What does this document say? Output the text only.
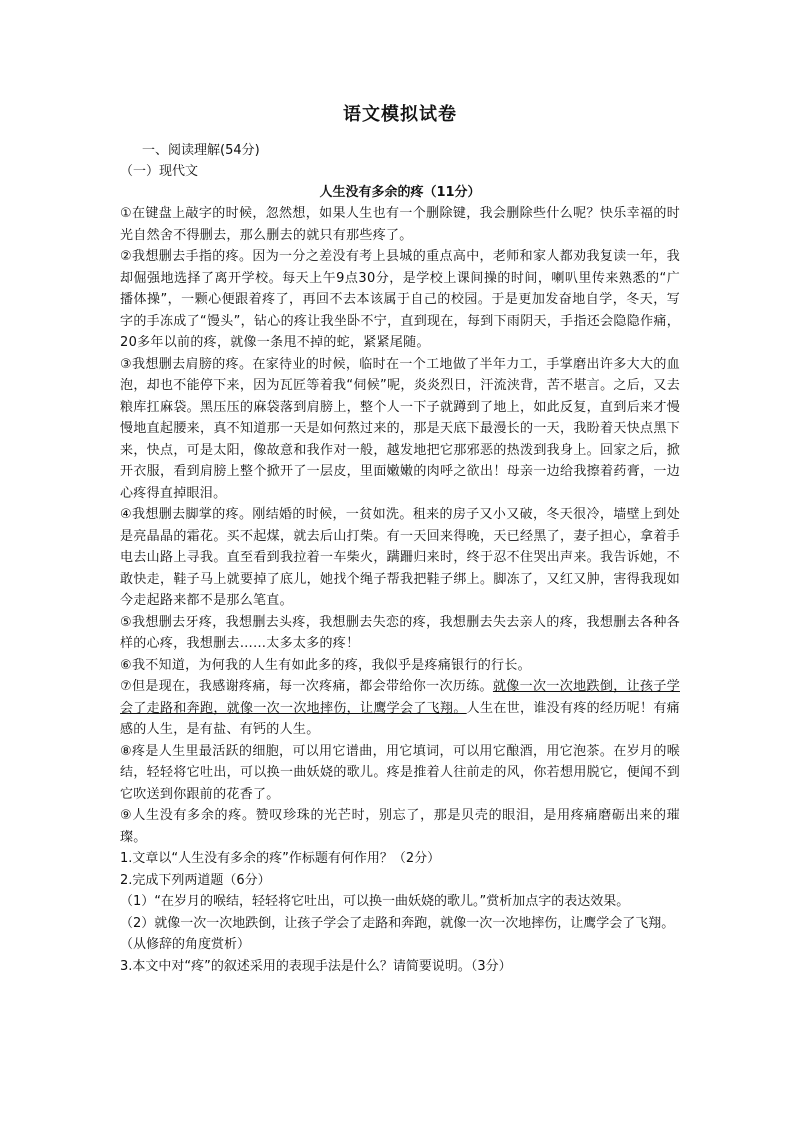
语文模拟试卷

一、阅读理解(54分)

（一）现代文

人生没有多余的疼（11分）

①在键盘上敲字的时候，忽然想，如果人生也有一个删除键，我会删除些什么呢？快乐幸福的时光自然舍不得删去，那么删去的就只有那些疼了。

②我想删去手指的疼。因为一分之差没有考上县城的重点高中，老师和家人都劝我复读一年，我却倔强地选择了离开学校。每天上午9点30分，是学校上课间操的时间，喇叭里传来熟悉的“广播体操”，一颗心便跟着疼了，再回不去本该属于自己的校园。于是更加发奋地自学，冬天，写字的手冻成了“馒头”，钻心的疼让我坐卧不宁，直到现在，每到下雨阴天，手指还会隐隐作痛，20多年以前的疼，就像一条甩不掉的蛇，紧紧尾随。

③我想删去肩膀的疼。在家待业的时候，临时在一个工地做了半年力工，手掌磨出许多大大的血泡，却也不能停下来，因为瓦匠等着我“伺候”呢，炎炎烈日，汗流浃背，苦不堪言。之后，又去粮库扛麻袋。黑压压的麻袋落到肩膀上，整个人一下子就蹲到了地上，如此反复，直到后来才慢慢地直起腰来，真不知道那一天是如何熬过来的，那是天底下最漫长的一天，我盼着天快点黑下来，快点，可是太阳，像故意和我作对一般，越发地把它那邪恶的热泼到我身上。回家之后，掀开衣服，看到肩膀上整个掀开了一层皮，里面嫩嫩的肉呼之欲出！母亲一边给我擦着药膏，一边心疼得直掉眼泪。

④我想删去脚掌的疼。刚结婚的时候，一贫如洗。租来的房子又小又破，冬天很冷，墙壁上到处是亮晶晶的霜花。买不起煤，就去后山打柴。有一天回来得晚，天已经黑了，妻子担心，拿着手电去山路上寻我。直至看到我拉着一车柴火，蹒跚归来时，终于忍不住哭出声来。我告诉她，不敢快走，鞋子马上就要掉了底儿，她找个绳子帮我把鞋子绑上。脚冻了，又红又肿，害得我现如今走起路来都不是那么笔直。

⑤我想删去牙疼，我想删去头疼，我想删去失恋的疼，我想删去失去亲人的疼，我想删去各种各样的心疼，我想删去……太多太多的疼！

⑥我不知道，为何我的人生有如此多的疼，我似乎是疼痛银行的行长。

⑦但是现在，我感谢疼痛，每一次疼痛，都会带给你一次历练。就像一次一次地跌倒，让孩子学会了走路和奔跑，就像一次一次地摔伤，让鹰学会了飞翔。人生在世，谁没有疼的经历呢！有痛感的人生，是有盐、有钙的人生。

⑧疼是人生里最活跃的细胞，可以用它谱曲，用它填词，可以用它酿酒，用它泡茶。在岁月的喉结，轻轻将它吐出，可以换一曲妖娆的歌儿。疼是推着人往前走的风，你若想用脱它，便闻不到它吹送到你跟前的花香了。

⑨人生没有多余的疼。赞叹珍珠的光芒时，别忘了，那是贝壳的眼泪，是用疼痛磨砺出来的璀璨。

1.文章以“人生没有多余的疼”作标题有何作用？（2分）

2.完成下列两道题（6分）

（1）“在岁月的喉结，轻轻将它吐出，可以换一曲妖娆的歌儿。”赏析加点字的表达效果。

（2）就像一次一次地跌倒，让孩子学会了走路和奔跑，就像一次一次地摔伤，让鹰学会了飞翔。（从修辞的角度赏析）

3.本文中对“疼”的叙述采用的表现手法是什么？请简要说明。（3分）
